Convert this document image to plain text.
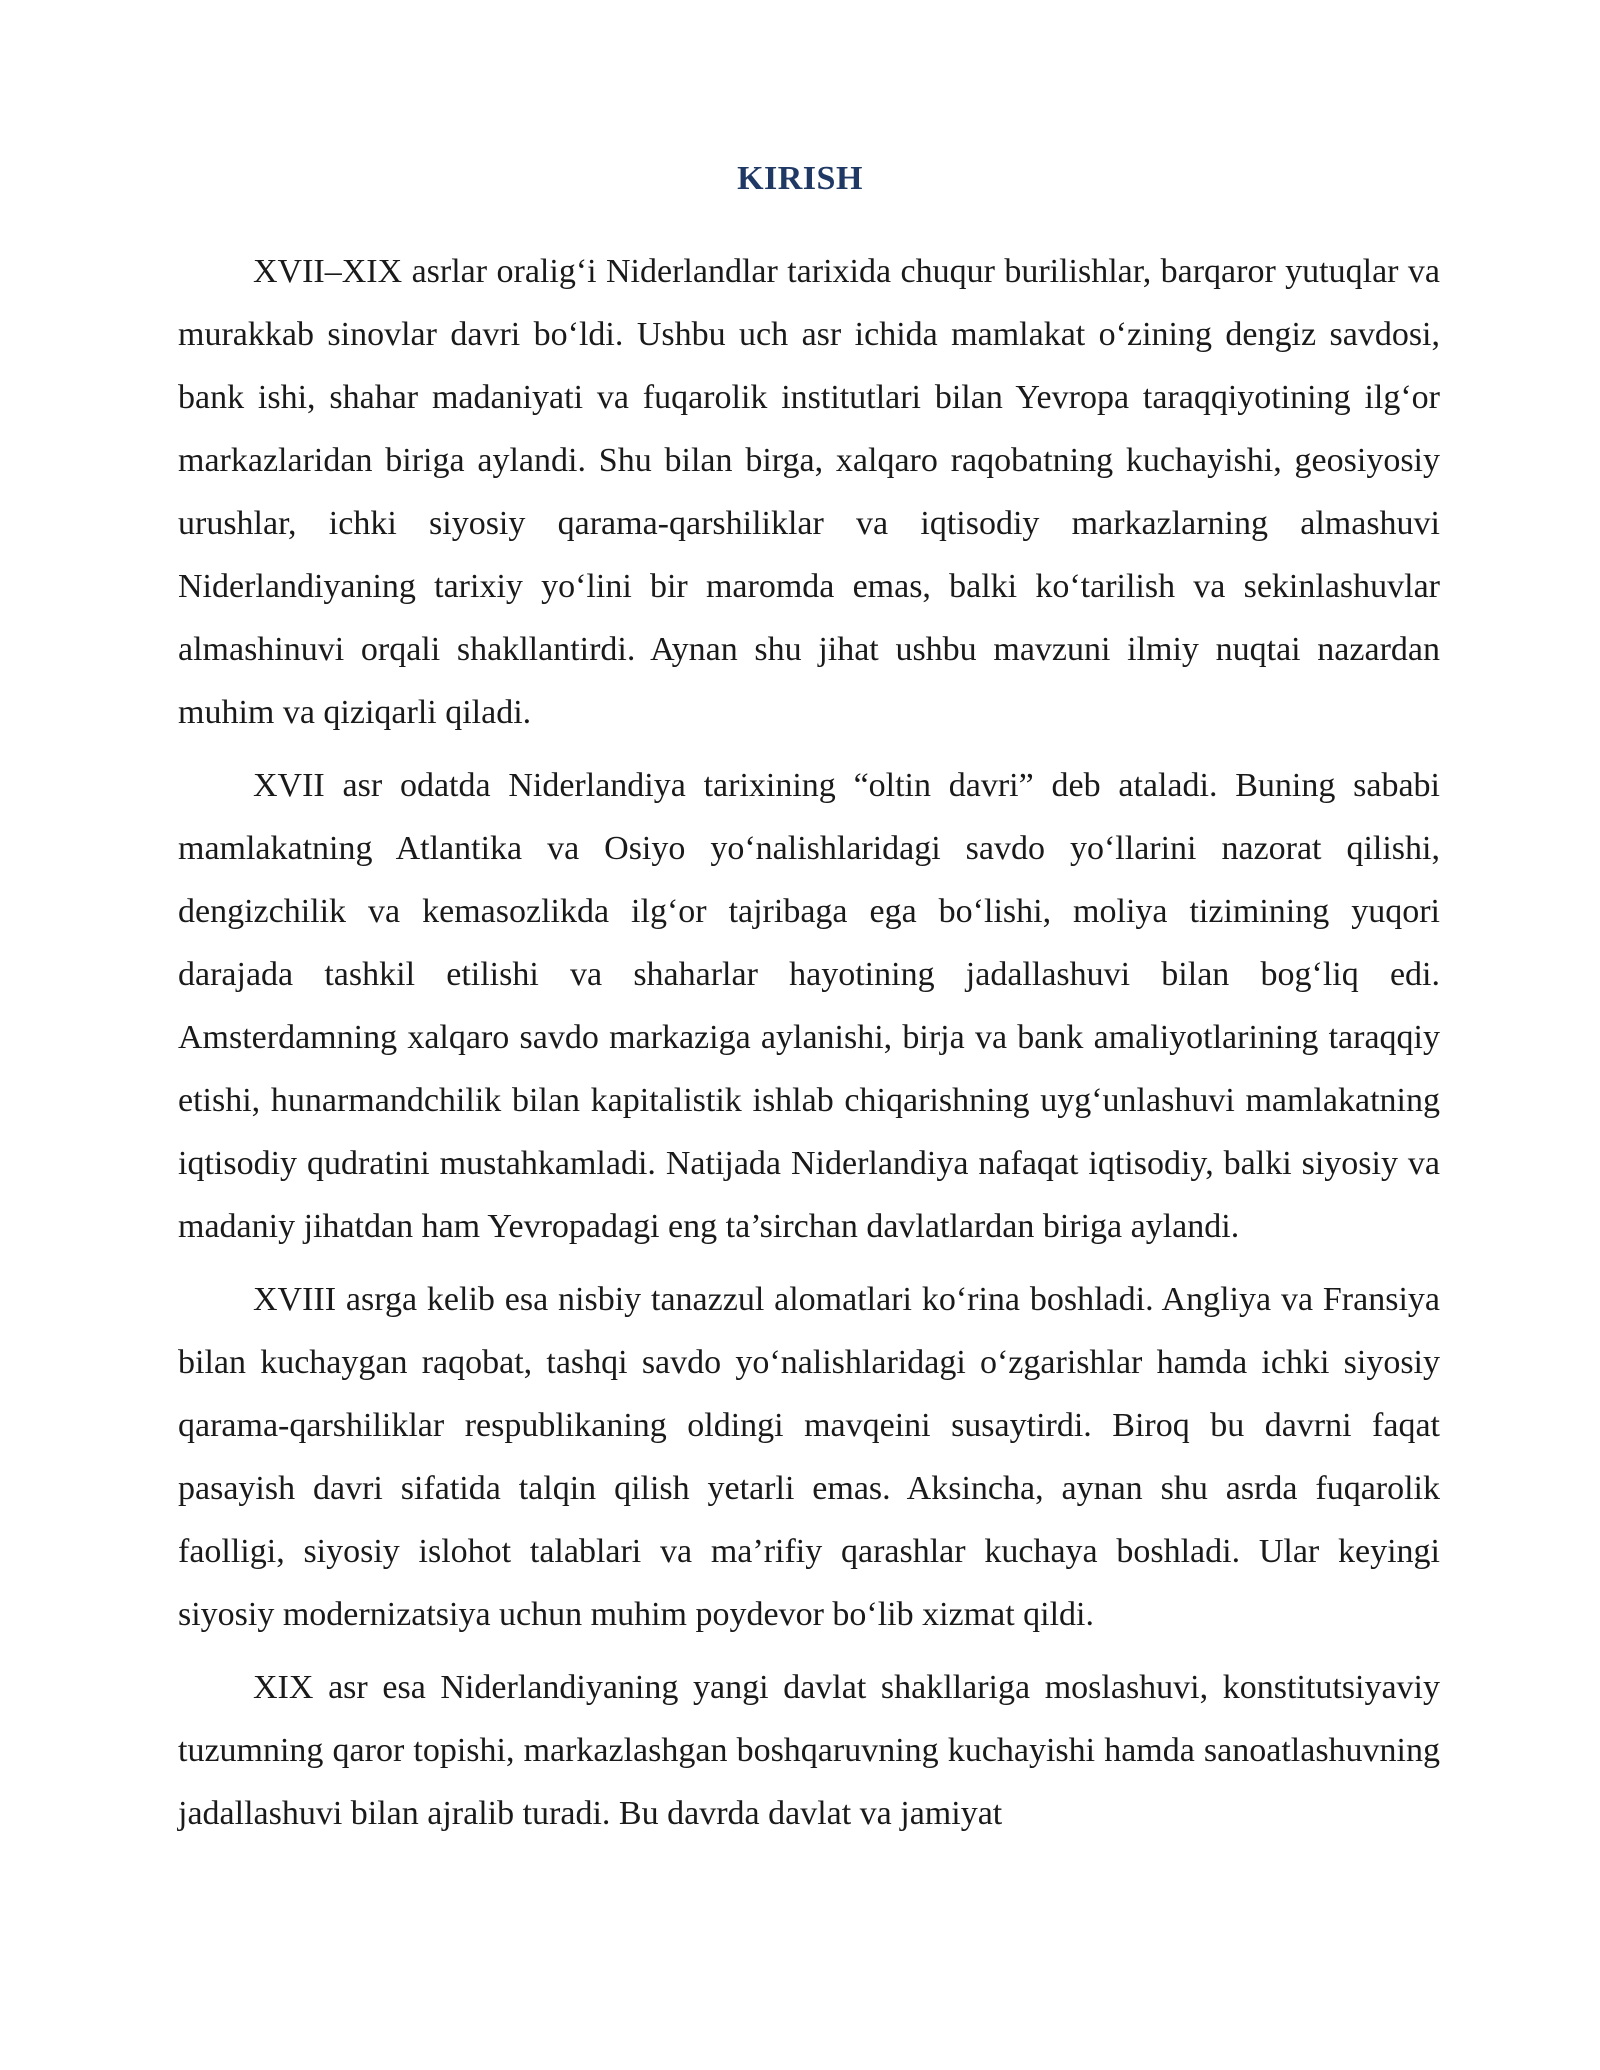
KIRISH

XVII–XIX asrlar oralig‘i Niderlandlar tarixida chuqur burilishlar, barqaror yutuqlar va murakkab sinovlar davri bo‘ldi. Ushbu uch asr ichida mamlakat o‘zining dengiz savdosi, bank ishi, shahar madaniyati va fuqarolik institutlari bilan Yevropa taraqqiyotining ilg‘or markazlaridan biriga aylandi. Shu bilan birga, xalqaro raqobatning kuchayishi, geosiyosiy urushlar, ichki siyosiy qarama-qarshiliklar va iqtisodiy markazlarning almashuvi Niderlandiyaning tarixiy yo‘lini bir maromda emas, balki ko‘tarilish va sekinlashuvlar almashinuvi orqali shakllantirdi. Aynan shu jihat ushbu mavzuni ilmiy nuqtai nazardan muhim va qiziqarli qiladi.

XVII asr odatda Niderlandiya tarixining “oltin davri” deb ataladi. Buning sababi mamlakatning Atlantika va Osiyo yo‘nalishlaridagi savdo yo‘llarini nazorat qilishi, dengizchilik va kemasozlikda ilg‘or tajribaga ega bo‘lishi, moliya tizimining yuqori darajada tashkil etilishi va shaharlar hayotining jadallashuvi bilan bog‘liq edi. Amsterdamning xalqaro savdo markaziga aylanishi, birja va bank amaliyotlarining taraqqiy etishi, hunarmandchilik bilan kapitalistik ishlab chiqarishning uyg‘unlashuvi mamlakatning iqtisodiy qudratini mustahkamladi. Natijada Niderlandiya nafaqat iqtisodiy, balki siyosiy va madaniy jihatdan ham Yevropadagi eng ta’sirchan davlatlardan biriga aylandi.

XVIII asrga kelib esa nisbiy tanazzul alomatlari ko‘rina boshladi. Angliya va Fransiya bilan kuchaygan raqobat, tashqi savdo yo‘nalishlaridagi o‘zgarishlar hamda ichki siyosiy qarama-qarshiliklar respublikaning oldingi mavqeini susaytirdi. Biroq bu davrni faqat pasayish davri sifatida talqin qilish yetarli emas. Aksincha, aynan shu asrda fuqarolik faolligi, siyosiy islohot talablari va ma’rifiy qarashlar kuchaya boshladi. Ular keyingi siyosiy modernizatsiya uchun muhim poydevor bo‘lib xizmat qildi.

XIX asr esa Niderlandiyaning yangi davlat shakllariga moslashuvi, konstitutsiyaviy tuzumning qaror topishi, markazlashgan boshqaruvning kuchayishi hamda sanoatlashuvning jadallashuvi bilan ajralib turadi. Bu davrda davlat va jamiyat
